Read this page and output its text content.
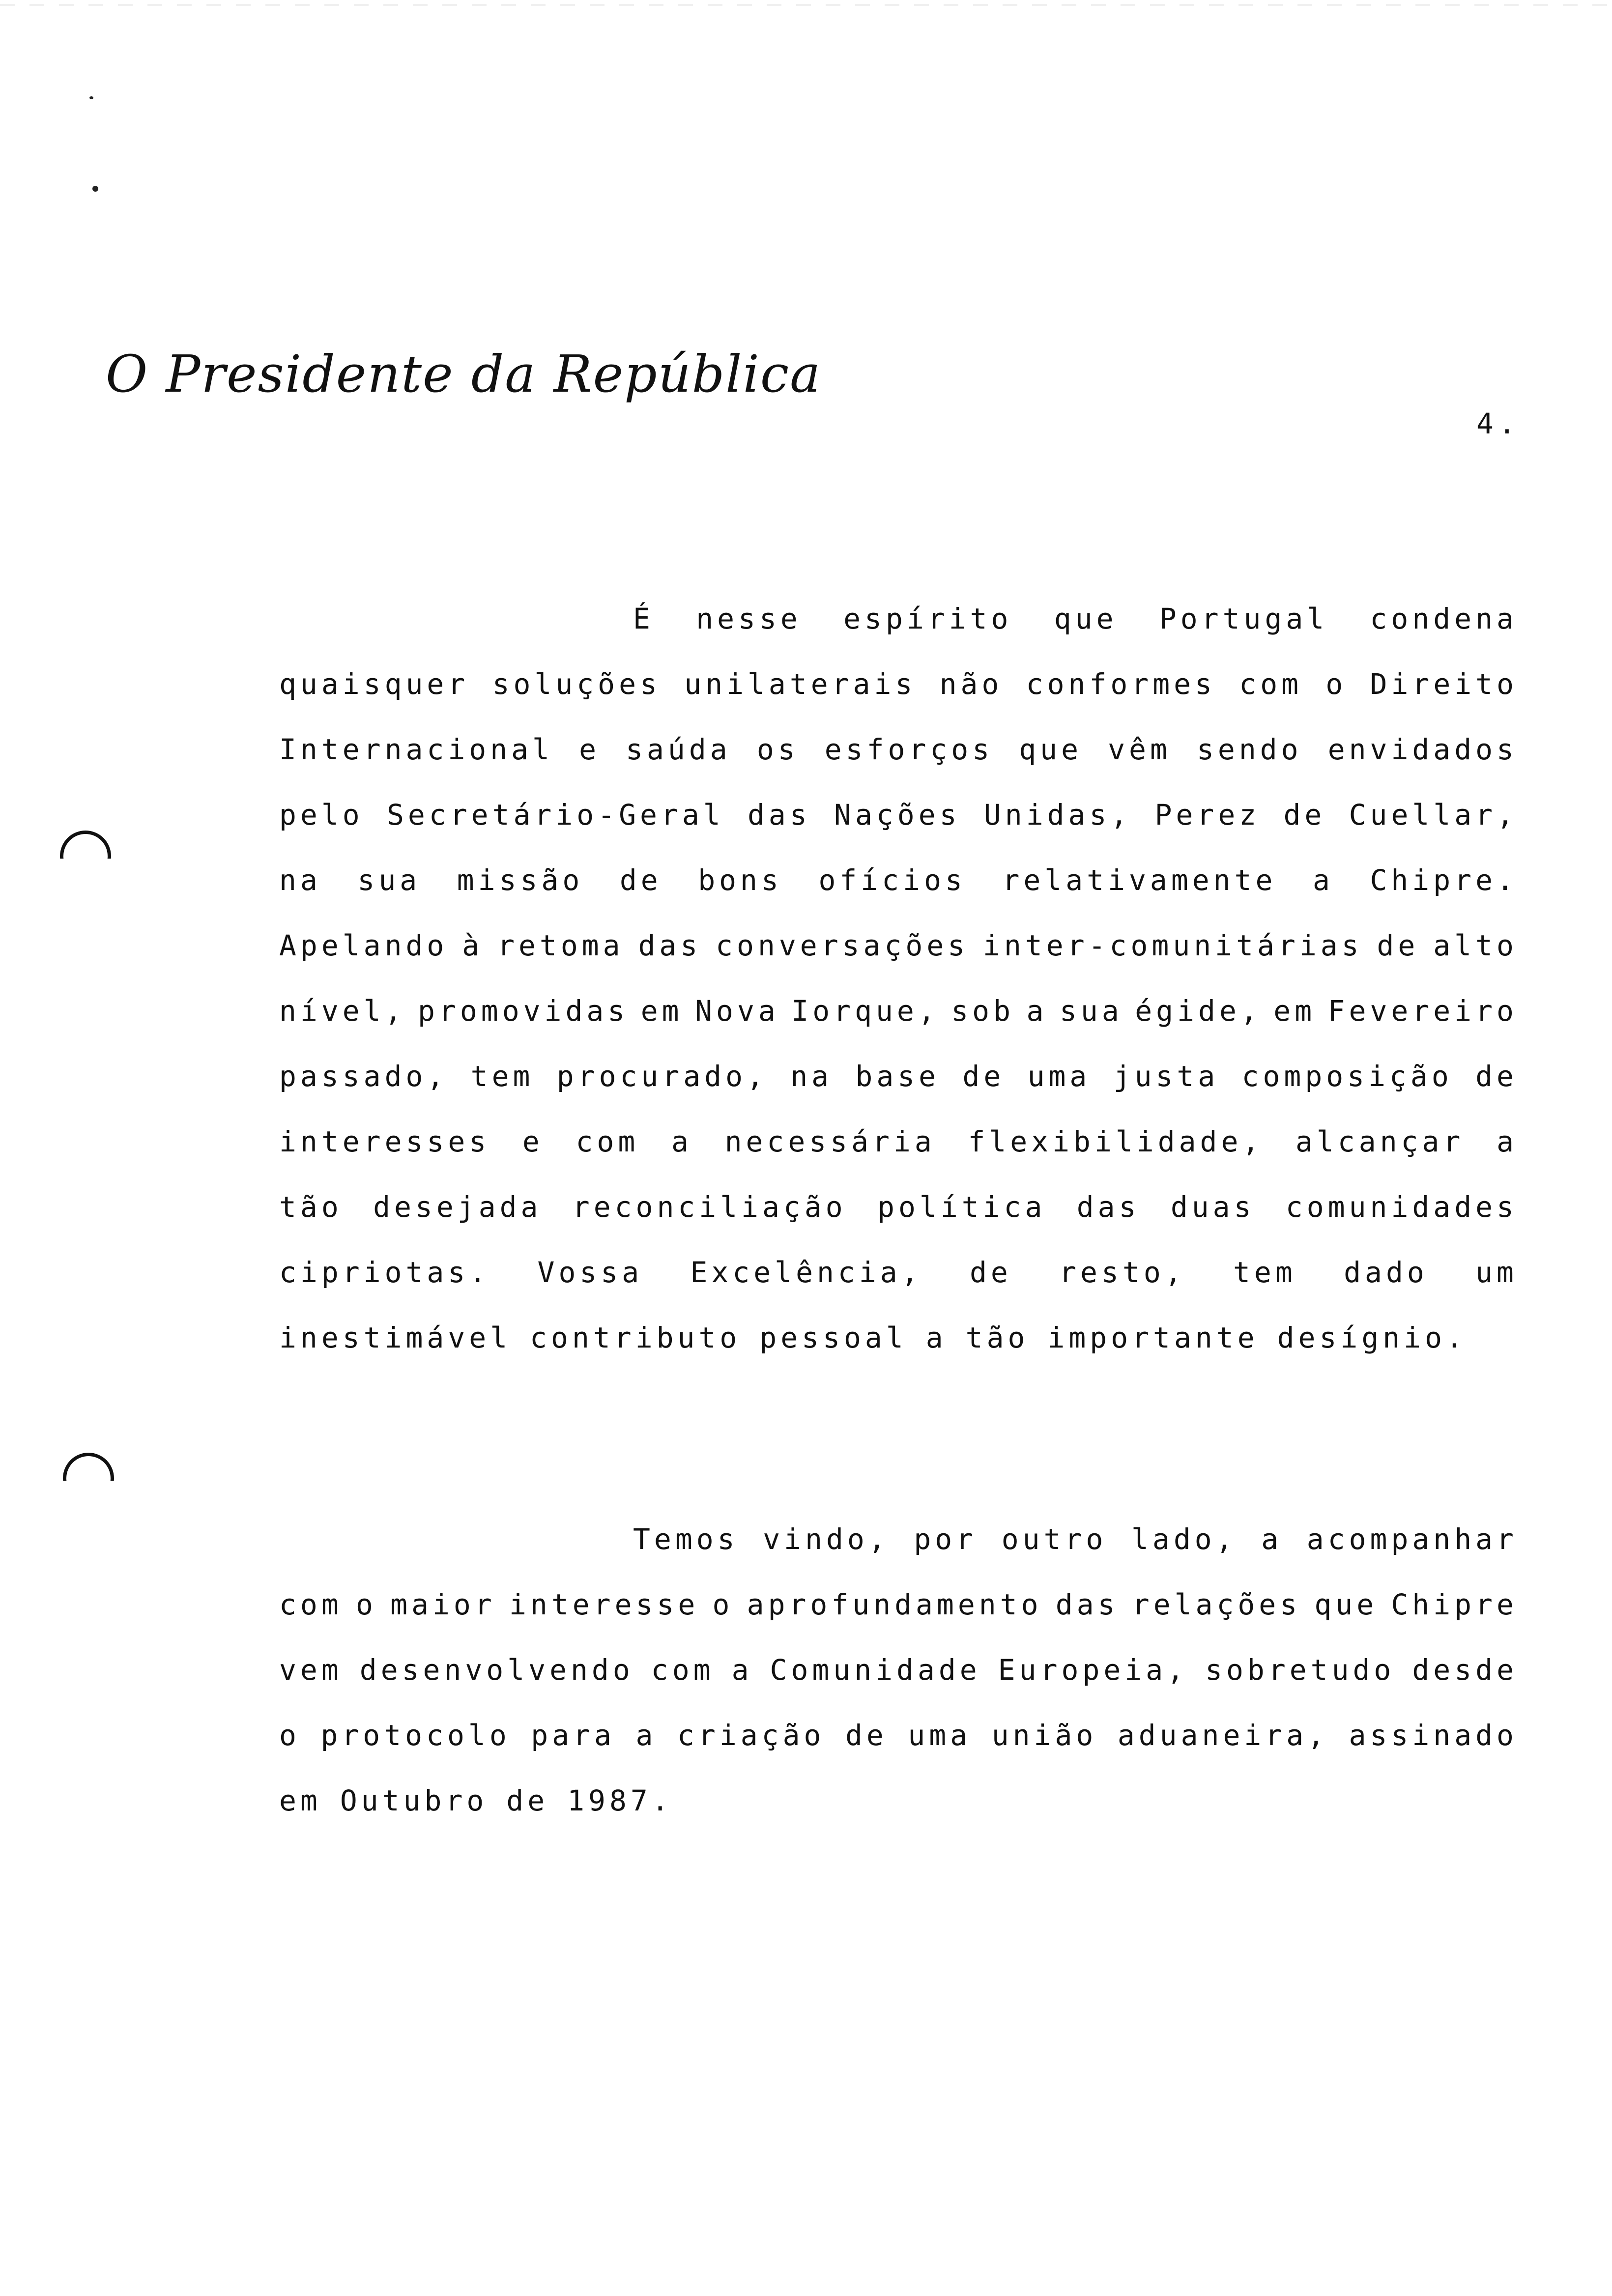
O Presidente da República
4.
É nesse espírito que Portugal condena
quaisquer soluções unilaterais não conformes com o Direito
Internacional e saúda os esforços que vêm sendo envidados
pelo Secretário-Geral das Nações Unidas, Perez de Cuellar,
na sua missão de bons ofícios relativamente a Chipre.
Apelando à retoma das conversações inter-comunitárias de alto
nível, promovidas em Nova Iorque, sob a sua égide, em Fevereiro
passado, tem procurado, na base de uma justa composição de
interesses e com a necessária flexibilidade, alcançar a
tão desejada reconciliação política das duas comunidades
cipriotas. Vossa Excelência, de resto, tem dado um
inestimável contributo pessoal a tão importante desígnio.
Temos vindo, por outro lado, a acompanhar
com o maior interesse o aprofundamento das relações que Chipre
vem desenvolvendo com a Comunidade Europeia, sobretudo desde
o protocolo para a criação de uma união aduaneira, assinado
em Outubro de 1987.
